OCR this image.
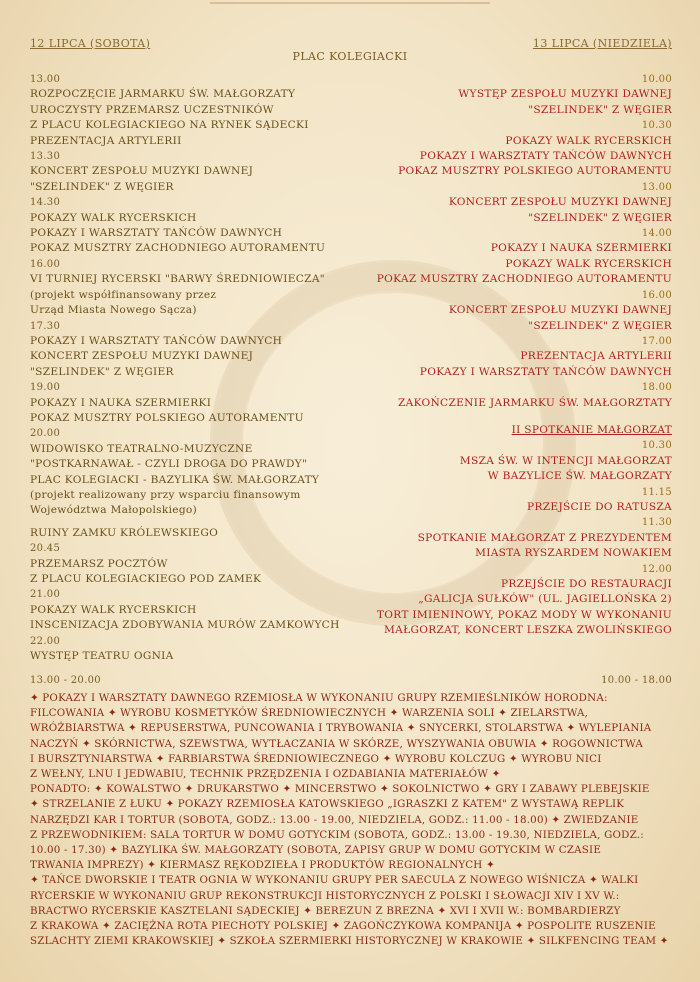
12 LIPCA (SOBOTA)	13 LIPCA (NIEDZIELA)
PLAC KOLEGIACKI
13.00
ROZPOCZĘCIE JARMARKU ŚW. MAŁGORZATY
UROCZYSTY PRZEMARSZ UCZESTNIKÓW
Z PLACU KOLEGIACKIEGO NA RYNEK SĄDECKI
PREZENTACJA ARTYLERII
13.30
KONCERT ZESPOŁU MUZYKI DAWNEJ
"SZELINDEK" Z WĘGIER
14.30
POKAZY WALK RYCERSKICH
POKAZY I WARSZTATY TAŃCÓW DAWNYCH
POKAZ MUSZTRY ZACHODNIEGO AUTORAMENTU
16.00
VI TURNIEJ RYCERSKI "BARWY ŚREDNIOWIECZA"
(projekt współfinansowany przez
Urząd Miasta Nowego Sącza)
17.30
POKAZY I WARSZTATY TAŃCÓW DAWNYCH
KONCERT ZESPOŁU MUZYKI DAWNEJ
"SZELINDEK" Z WĘGIER
19.00
POKAZY I NAUKA SZERMIERKI
POKAZ MUSZTRY POLSKIEGO AUTORAMENTU
20.00
WIDOWISKO TEATRALNO-MUZYCZNE
"POSTKARNAWAŁ - CZYLI DROGA DO PRAWDY"
PLAC KOLEGIACKI - BAZYLIKA ŚW. MAŁGORZATY
(projekt realizowany przy wsparciu finansowym
Województwa Małopolskiego)
RUINY ZAMKU KRÓLEWSKIEGO
20.45
PRZEMARSZ POCZTÓW
Z PLACU KOLEGIACKIEGO POD ZAMEK
21.00
POKAZY WALK RYCERSKICH
INSCENIZACJA ZDOBYWANIA MURÓW ZAMKOWYCH
22.00
WYSTĘP TEATRU OGNIA
10.00
WYSTĘP ZESPOŁU MUZYKI DAWNEJ
"SZELINDEK" Z WĘGIER
10.30
POKAZY WALK RYCERSKICH
POKAZY I WARSZTATY TAŃCÓW DAWNYCH
POKAZ MUSZTRY POLSKIEGO AUTORAMENTU
13.00
KONCERT ZESPOŁU MUZYKI DAWNEJ
"SZELINDEK" Z WĘGIER
14.00
POKAZY I NAUKA SZERMIERKI
POKAZY WALK RYCERSKICH
POKAZ MUSZTRY ZACHODNIEGO AUTORAMENTU
16.00
KONCERT ZESPOŁU MUZYKI DAWNEJ
"SZELINDEK" Z WĘGIER
17.00
PREZENTACJA ARTYLERII
POKAZY I WARSZTATY TAŃCÓW DAWNYCH
18.00
ZAKOŃCZENIE JARMARKU ŚW. MAŁGORZTATY
II SPOTKANIE MAŁGORZAT
10.30
MSZA ŚW. W INTENCJI MAŁGORZAT
W BAZYLICE ŚW. MAŁGORZATY
11.15
PRZEJŚCIE DO RATUSZA
11.30
SPOTKANIE MAŁGORZAT Z PREZYDENTEM
MIASTA RYSZARDEM NOWAKIEM
12.00
PRZEJŚCIE DO RESTAURACJI
„GALICJA SUŁKÓW" (UL. JAGIELLOŃSKA 2)
TORT IMIENINOWY, POKAZ MODY W WYKONANIU
MAŁGORZAT, KONCERT LESZKA ZWOLIŃSKIEGO
13.00 - 20.00	10.00 - 18.00
✦ POKAZY I WARSZTATY DAWNEGO RZEMIOSŁA W WYKONANIU GRUPY RZEMIEŚLNIKÓW HORODNA:
FILCOWANIA ✦ WYROBU KOSMETYKÓW ŚREDNIOWIECZNYCH ✦ WARZENIA SOLI ✦ ZIELARSTWA,
WRÓŻBIARSTWA ✦ REPUSERSTWA, PUNCOWANIA I TRYBOWANIA ✦ SNYCERKI, STOLARSTWA ✦ WYLEPIANIA
NACZYŃ ✦ SKÓRNICTWA, SZEWSTWA, WYTŁACZANIA W SKÓRZE, WYSZYWANIA OBUWIA ✦ ROGOWNICTWA
I BURSZTYNIARSTWA ✦ FARBIARSTWA ŚREDNIOWIECZNEGO ✦ WYROBU KOLCZUG ✦ WYROBU NICI
Z WEŁNY, LNU I JEDWABIU, TECHNIK PRZĘDZENIA I OZDABIANIA MATERIAŁÓW ✦
PONADTO: ✦ KOWALSTWO ✦ DRUKARSTWO ✦ MINCERSTWO ✦ SOKOLNICTWO ✦ GRY I ZABAWY PLEBEJSKIE
✦ STRZELANIE Z ŁUKU ✦ POKAZY RZEMIOSŁA KATOWSKIEGO „IGRASZKI Z KATEM" Z WYSTAWĄ REPLIK
NARZĘDZI KAR I TORTUR (SOBOTA, GODZ.: 13.00 - 19.00, NIEDZIELA, GODZ.: 11.00 - 18.00) ✦ ZWIEDZANIE
Z PRZEWODNIKIEM: SALA TORTUR W DOMU GOTYCKIM (SOBOTA, GODZ.: 13.00 - 19.30, NIEDZIELA, GODZ.:
10.00 - 17.30) ✦ BAZYLIKA ŚW. MAŁGORZATY (SOBOTA, ZAPISY GRUP W DOMU GOTYCKIM W CZASIE
TRWANIA IMPREZY) ✦ KIERMASZ RĘKODZIEŁA I PRODUKTÓW REGIONALNYCH ✦
✦ TAŃCE DWORSKIE I TEATR OGNIA W WYKONANIU GRUPY PER SAECULA Z NOWEGO WIŚNICZA ✦ WALKI
RYCERSKIE W WYKONANIU GRUP REKONSTRUKCJI HISTORYCZNYCH Z POLSKI I SŁOWACJI XIV I XV W.:
BRACTWO RYCERSKIE KASZTELANI SĄDECKIEJ ✦ BEREZUN Z BREZNA ✦ XVI I XVII W.: BOMBARDIERZY
Z KRAKOWA ✦ ZACIĘŻNA ROTA PIECHOTY POLSKIEJ ✦ ZAGOŃCZYKOWA KOMPANIJA ✦ POSPOLITE RUSZENIE
SZLACHTY ZIEMI KRAKOWSKIEJ ✦ SZKOŁA SZERMIERKI HISTORYCZNEJ W KRAKOWIE ✦ SILKFENCING TEAM ✦
